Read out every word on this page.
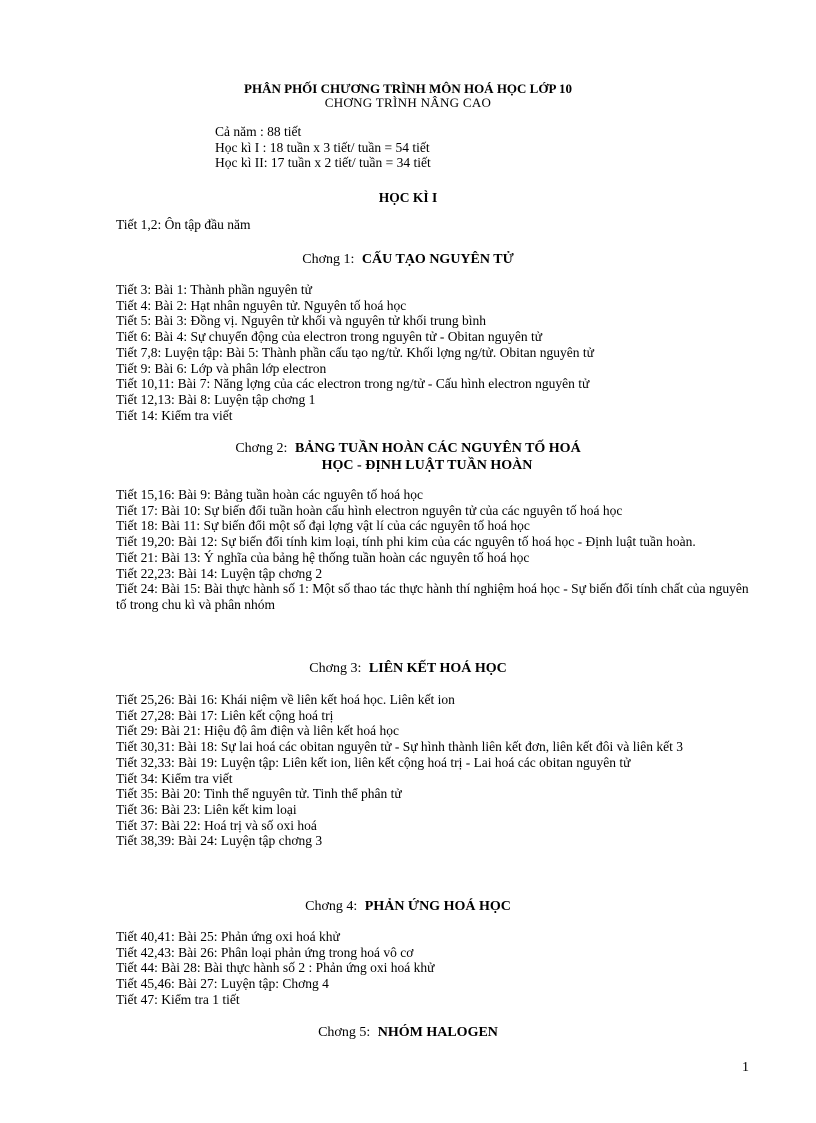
PHÂN PHỐI CHƯƠNG TRÌNH MÔN HOÁ HỌC LỚP 10
CHƠNG TRÌNH NÂNG CAO
Cả năm : 88 tiết
Học kì I : 18 tuần x 3 tiết/ tuần = 54 tiết
Học kì II: 17 tuần x 2 tiết/ tuần = 34 tiết
HỌC KÌ I
Tiết 1,2: Ôn tập đầu năm
Chơng 1: CẤU TẠO NGUYÊN TỬ
Tiết 3: Bài 1: Thành phần nguyên tử
Tiết 4: Bài 2: Hạt nhân nguyên tử. Nguyên tố hoá học
Tiết 5: Bài 3: Đồng vị. Nguyên tử khối và nguyên tử khối trung bình
Tiết 6: Bài 4: Sự chuyển động của electron trong nguyên tử - Obitan nguyên tử
Tiết 7,8: Luyện tập: Bài 5: Thành phần cấu tạo ng/tử. Khối lợng ng/tử. Obitan nguyên tử
Tiết 9: Bài 6: Lớp và phân lớp electron
Tiết 10,11: Bài 7: Năng lợng của các electron trong ng/tử - Cấu hình electron nguyên tử
Tiết 12,13: Bài 8: Luyện tập chơng 1
Tiết 14: Kiểm tra viết
Chơng 2: BẢNG TUẦN HOÀN CÁC NGUYÊN TỐ HOÁ
HỌC - ĐỊNH LUẬT TUẦN HOÀN
Tiết 15,16: Bài 9: Bảng tuần hoàn các nguyên tố hoá học
Tiết 17: Bài 10: Sự biến đổi tuần hoàn cấu hình electron nguyên tử của các nguyên tố hoá học
Tiết 18: Bài 11: Sự biến đổi một số đại lợng vật lí của các nguyên tố hoá học
Tiết 19,20: Bài 12: Sự biến đổi tính kim loại, tính phi kim của các nguyên tố hoá học - Định luật tuần hoàn.
Tiết 21: Bài 13: Ý nghĩa của bảng hệ thống tuần hoàn các nguyên tố hoá học
Tiết 22,23: Bài 14: Luyện tập chơng 2
Tiết 24: Bài 15: Bài thực hành số 1: Một số thao tác thực hành thí nghiệm hoá học - Sự biến đổi tính chất của nguyên tố trong chu kì và phân nhóm
Chơng 3: LIÊN KẾT HOÁ HỌC
Tiết 25,26: Bài 16: Khái niệm về liên kết hoá học. Liên kết ion
Tiết 27,28: Bài 17: Liên kết cộng hoá trị
Tiết 29: Bài 21: Hiệu độ âm điện và liên kết hoá học
Tiết 30,31: Bài 18: Sự lai hoá các obitan nguyên tử - Sự hình thành liên kết đơn, liên kết đôi và liên kết 3
Tiết 32,33: Bài 19: Luyện tập: Liên kết ion, liên kết cộng hoá trị - Lai hoá các obitan nguyên tử
Tiết 34: Kiểm tra viết
Tiết 35: Bài 20: Tinh thể nguyên tử. Tinh thể phân tử
Tiết 36: Bài 23: Liên kết kim loại
Tiết 37: Bài 22: Hoá trị và số oxi hoá
Tiết 38,39: Bài 24: Luyện tập chơng 3
Chơng 4: PHẢN ỨNG HOÁ HỌC
Tiết 40,41: Bài 25: Phản ứng oxi hoá khử
Tiết 42,43: Bài 26: Phân loại phản ứng trong hoá vô cơ
Tiết 44: Bài 28: Bài thực hành số 2 : Phản ứng oxi hoá khử
Tiết 45,46: Bài 27: Luyện tập: Chơng 4
Tiết 47: Kiểm tra 1 tiết
Chơng 5: NHÓM HALOGEN
1
